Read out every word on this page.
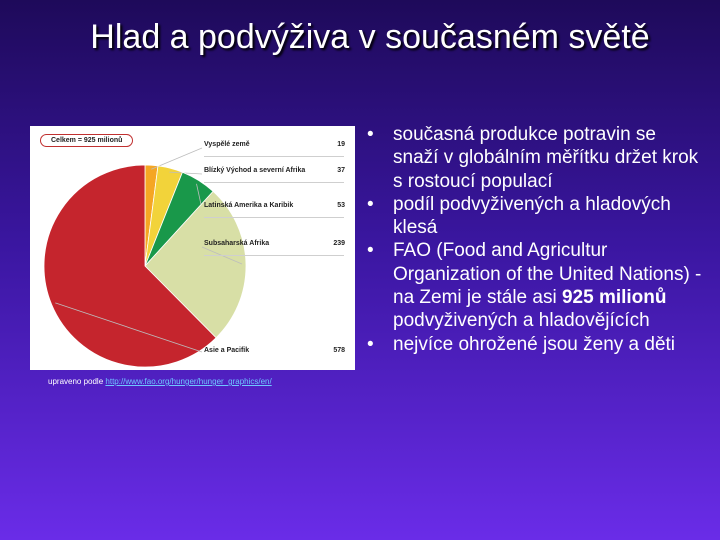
Hlad a podvýživa v současném světě
Celkem = 925 milionů
Vyspělé země	19
Blízký Východ a severní Afrika	37
Latinská Amerika a Karibik	53
Subsaharská Afrika	239
Asie a Pacifik	578
upraveno podle http://www.fao.org/hunger/hunger_graphics/en/
• současná produkce potravin se snaží v globálním měřítku držet krok s rostoucí populací
• podíl podvyživených a hladových klesá
• FAO (Food and Agricultur Organization of the United Nations) - na Zemi je stále asi 925 milionů podvyživených a hladovějících
• nejvíce ohrožené jsou ženy a děti
